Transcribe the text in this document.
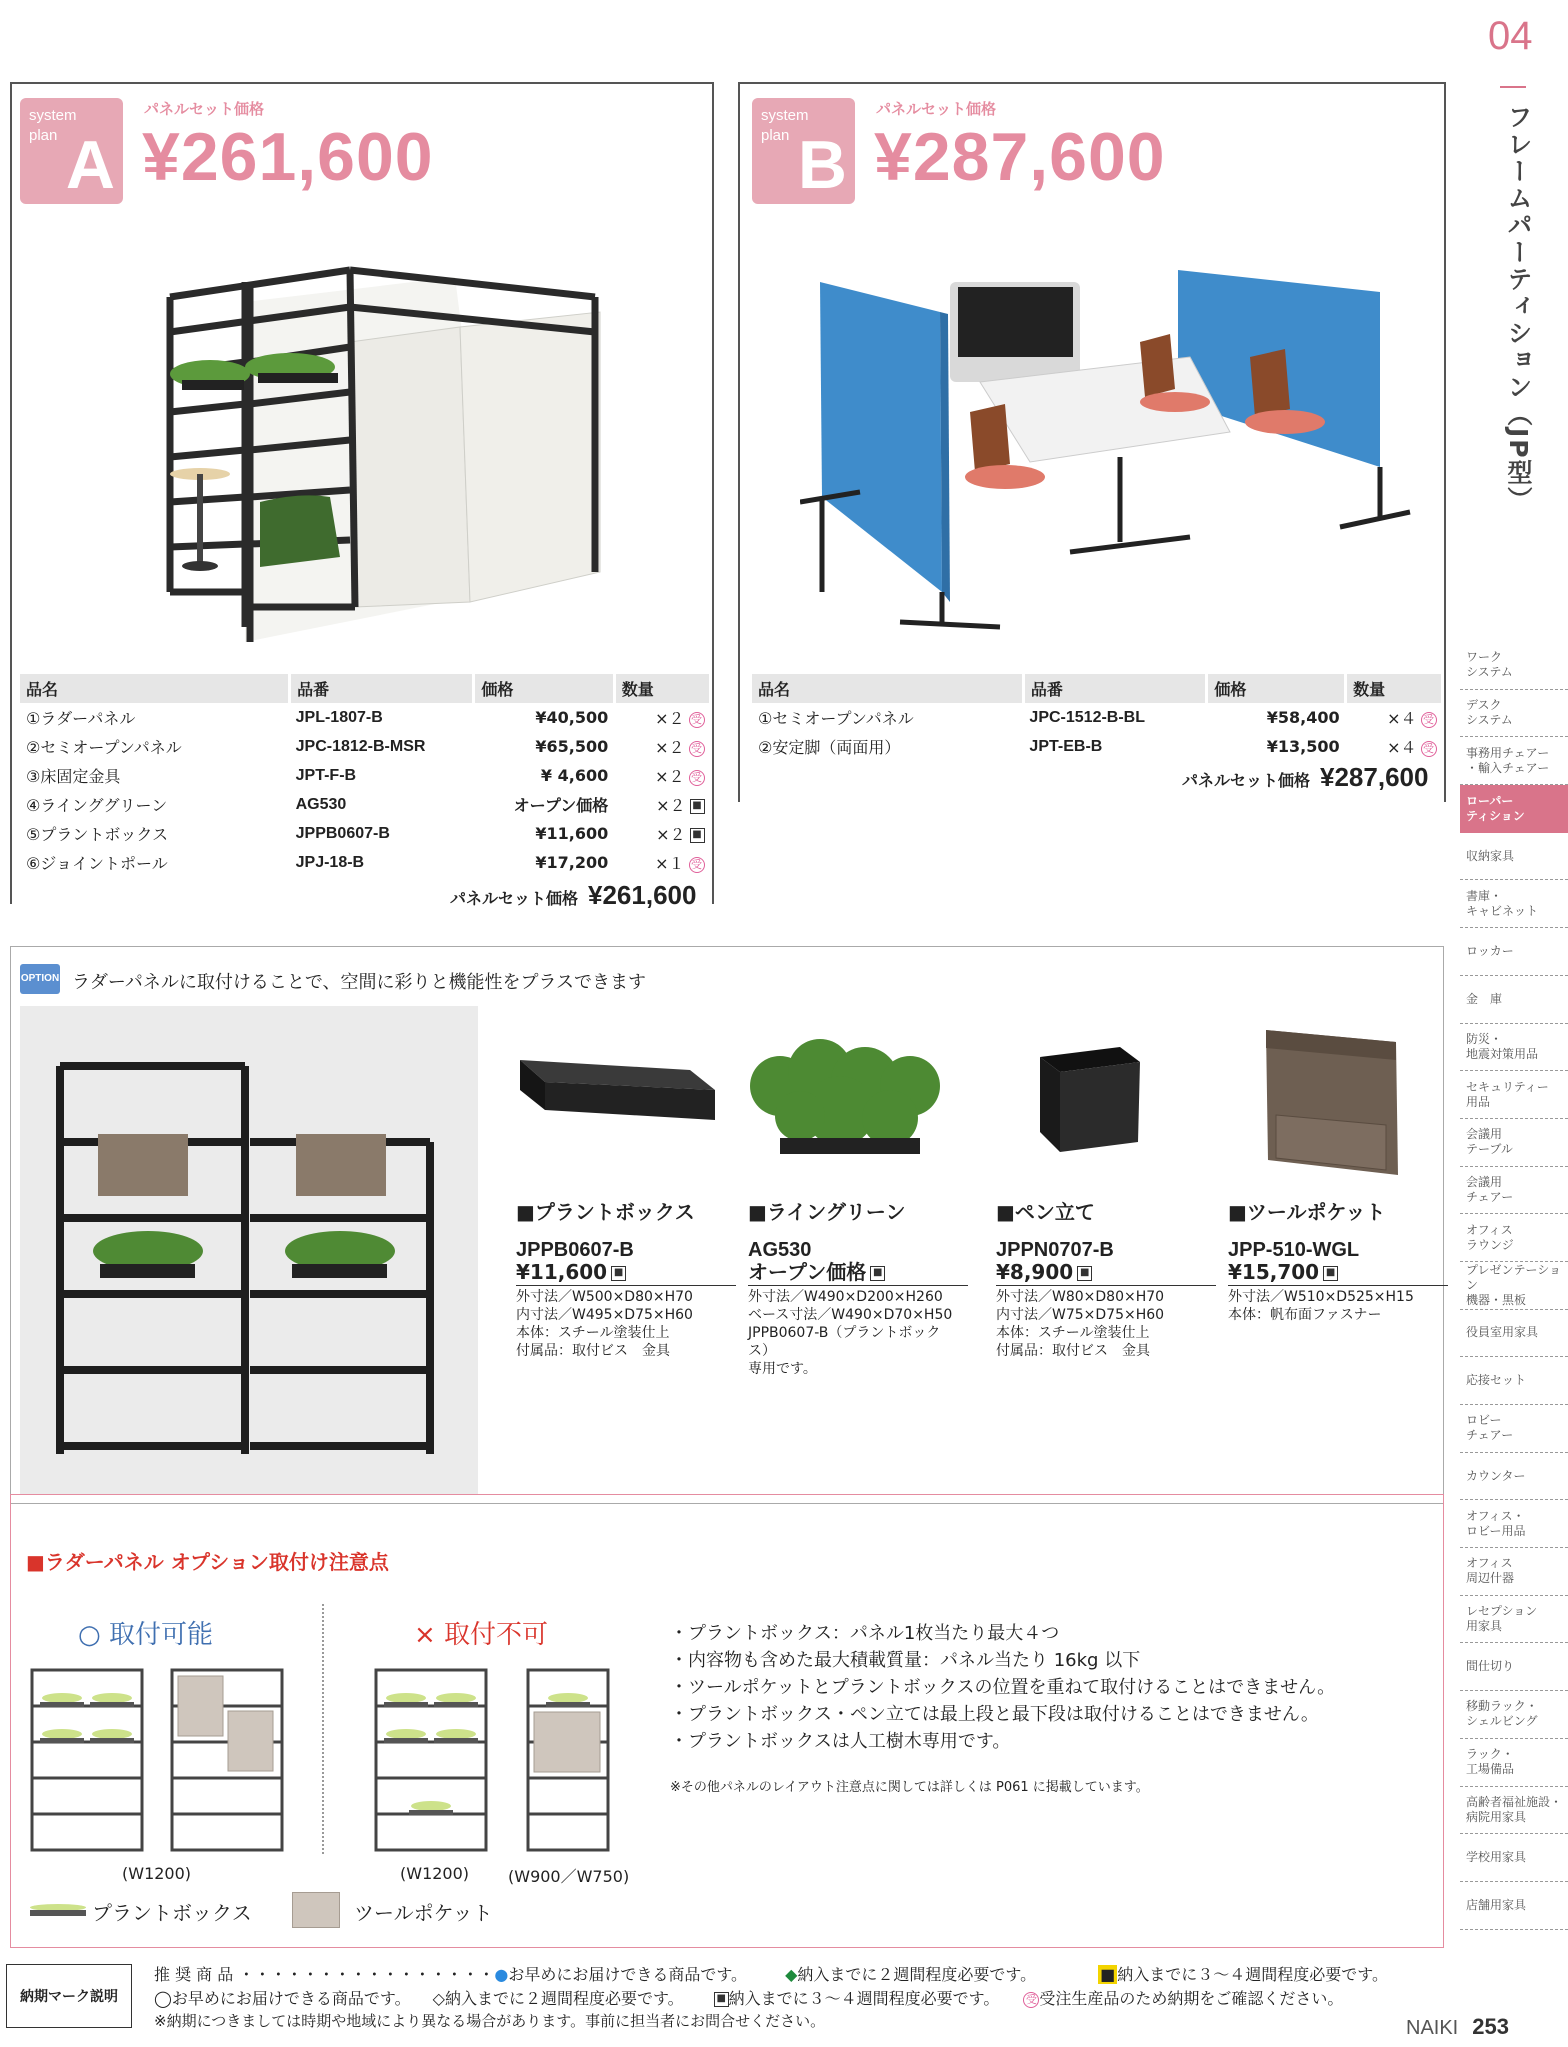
04
フレームパーティション（JP型）
ワーク
システム
デスク
システム
事務用チェアー
・輸入チェアー
ローパー
ティション
収納家具
書庫・
キャビネット
ロッカー
金　庫
防災・
地震対策用品
セキュリティー
用品
会議用
テーブル
会議用
チェアー
オフィス
ラウンジ
プレゼンテーション
機器・黒板
役員室用家具
応接セット
ロビー
チェアー
カウンター
オフィス・
ロビー用品
オフィス
周辺什器
レセプション
用家具
間仕切り
移動ラック・
シェルビング
ラック・
工場備品
高齢者福祉施設・
病院用家具
学校用家具
店舗用家具
system
plan A
パネルセット価格
¥261,600
品名	品番	価格	数量
①ラダーパネル	JPL-1807-B	¥40,500	×２ 受
②セミオープンパネル	JPC-1812-B-MSR	¥65,500	×２ 受
③床固定金具	JPT-F-B	¥ 4,600	×２ 受
④ラインググリーン	AG530	オープン価格	×２ ■
⑤プラントボックス	JPPB0607-B	¥11,600	×２ ■
⑥ジョイントポール	JPJ-18-B	¥17,200	×１ 受
パネルセット価格 ¥261,600
system
plan B
パネルセット価格
¥287,600
品名	品番	価格	数量
①セミオープンパネル	JPC-1512-B-BL	¥58,400	×４ 受
②安定脚（両面用）	JPT-EB-B	¥13,500	×４ 受
パネルセット価格 ¥287,600
OPTION ラダーパネルに取付けることで、空間に彩りと機能性をプラスできます
■プラントボックス
JPPB0607-B
¥11,600 ■
外寸法／W500×D80×H70
内寸法／W495×D75×H60
本体：スチール塗装仕上
付属品：取付ビス　金具
■ライングリーン
AG530
オープン価格 ■
外寸法／W490×D200×H260
ベース寸法／W490×D70×H50
JPPB0607-B（プラントボックス）
専用です。
■ペン立て
JPPN0707-B
¥8,900 ■
外寸法／W80×D80×H70
内寸法／W75×D75×H60
本体：スチール塗装仕上
付属品：取付ビス　金具
■ツールポケット
JPP-510-WGL
¥15,700 ■
外寸法／W510×D525×H15
本体：帆布面ファスナー
■ラダーパネル オプション取付け注意点
○ 取付可能	× 取付不可
(W1200)	(W1200) (W900／W750)
・プラントボックス：パネル1枚当たり最大４つ
・内容物も含めた最大積載質量：パネル当たり 16kg 以下
・ツールポケットとプラントボックスの位置を重ねて取付けることはできません。
・プラントボックス・ペン立ては最上段と最下段は取付けることはできません。
・プラントボックスは人工樹木専用です。
※その他パネルのレイアウト注意点に関しては詳しくは P061 に掲載しています。
プラントボックス	ツールポケット
納期マーク説明
推 奨 商 品 ・・・・・・・・・・・・・・・・●お早めにお届けできる商品です。 ◆納入までに２週間程度必要です。	■ 納入までに３～４週間程度必要です。
◯お早めにお届けできる商品です。 ◇納入までに２週間程度必要です。	■ 納入までに３～４週間程度必要です。 受 受注生産品のため納期をご確認ください。
※納期につきましては時期や地域により異なる場合があります。事前に担当者にお問合せください。	NAIKI 253
